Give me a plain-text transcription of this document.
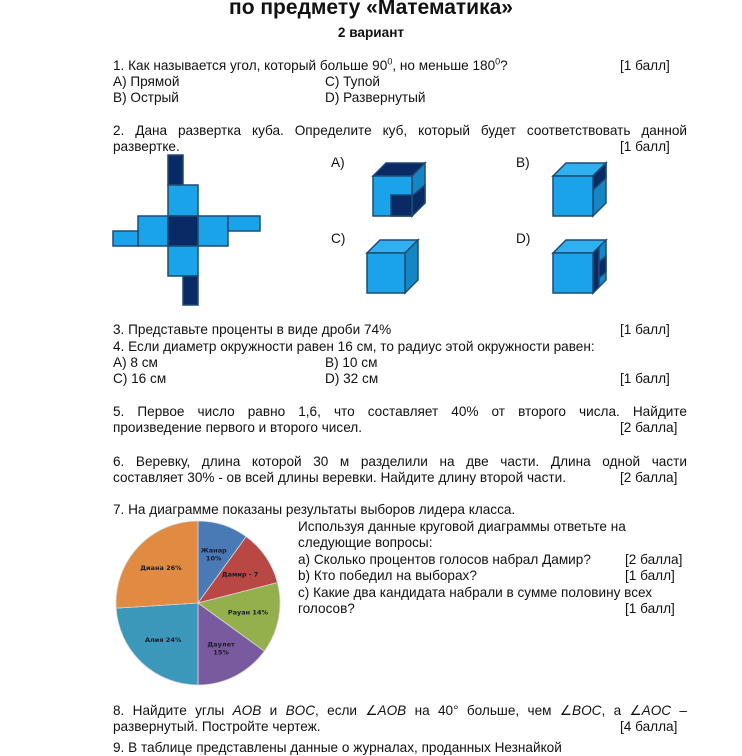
по предмету «Математика»
2 вариант
1. Как называется угол, который больше $90^0$, но меньше $180^0$?	[1 балл]
A) Прямой
B) Острый
C) Тупой
D) Развернутый
2. Дана развертка куба. Определите куб, который будет соответствовать данной
развертке.	[1 балл]
A)	B)
C)	D)
3. Представьте проценты в виде дроби 74%	[1 балл]
4. Если диаметр окружности равен 16 см, то радиус этой окружности равен:
A) 8 см	B) 10 см
C) 16 см	D) 32 см	[1 балл]
5. Первое число равно 1,6, что составляет 40% от второго числа. Найдите
произведение первого и второго чисел.	[2 балла]
6. Веревку, длина которой 30 м разделили на две части. Длина одной части
составляет 30% - ов всей длины веревки. Найдите длину второй части.	[2 балла]
7. На диаграмме показаны результаты выборов лидера класса.
Используя данные круговой диаграммы ответьте на
следующие вопросы:
a) Сколько процентов голосов набрал Дамир?	[2 балла]
b) Кто победил на выборах?	[1 балл]
c) Какие два кандидата набрали в сумме половину всех
голосов?	[1 балл]
Жанар
10%
Дамир - 7
Рауан 14%
Даулет
15%
Алия 24%
Диана 26%
8. Найдите углы AOB и BOC, если ∠AOB на 40° больше, чем ∠BOC, а ∠AOC –
развернутый. Постройте чертеж.	[4 балла]
9. В таблице представлены данные о журналах, проданных Незнайкой
